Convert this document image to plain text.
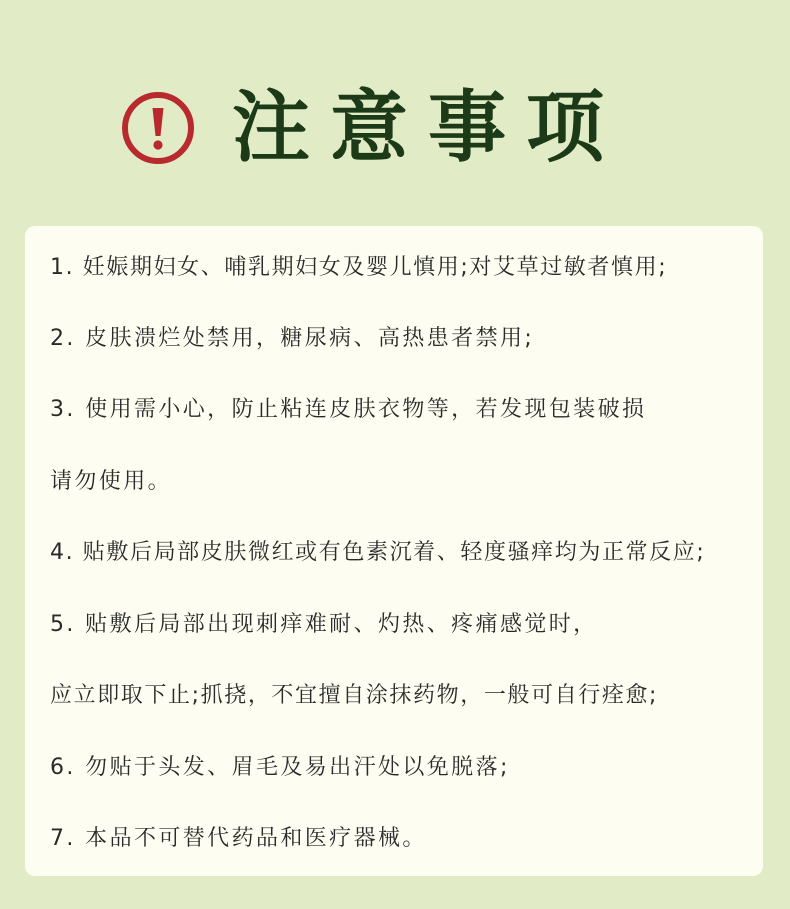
注意事项
1. 妊娠期妇女、哺乳期妇女及婴儿慎用;对艾草过敏者慎用;
2. 皮肤溃烂处禁用，糖尿病、高热患者禁用;
3. 使用需小心，防止粘连皮肤衣物等，若发现包装破损
请勿使用。
4. 贴敷后局部皮肤微红或有色素沉着、轻度骚痒均为正常反应;
5. 贴敷后局部出现刺痒难耐、灼热、疼痛感觉时，
应立即取下止;抓挠，不宜擅自涂抹药物，一般可自行痊愈;
6. 勿贴于头发、眉毛及易出汗处以免脱落;
7. 本品不可替代药品和医疗器械。
